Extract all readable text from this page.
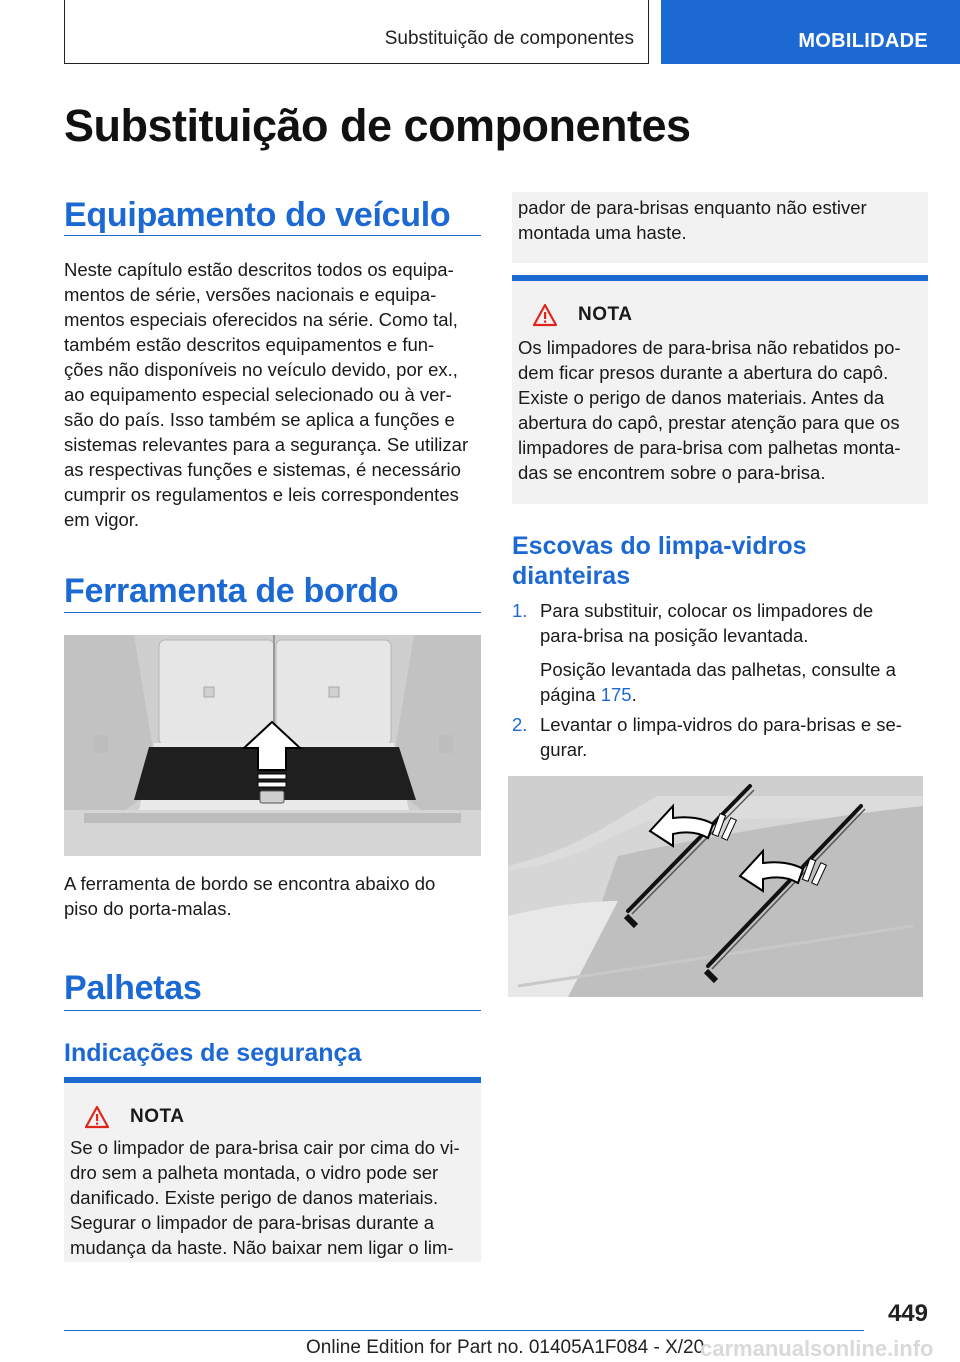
Substituição de componentes	MOBILIDADE
Substituição de componentes
Equipamento do veículo
Neste capítulo estão descritos todos os equipa‐
mentos de série, versões nacionais e equipa‐
mentos especiais oferecidos na série. Como tal,
também estão descritos equipamentos e fun‐
ções não disponíveis no veículo devido, por ex.,
ao equipamento especial selecionado ou à ver‐
são do país. Isso também se aplica a funções e
sistemas relevantes para a segurança. Se utilizar
as respectivas funções e sistemas, é necessário
cumprir os regulamentos e leis correspondentes
em vigor.
Ferramenta de bordo
A ferramenta de bordo se encontra abaixo do
piso do porta-malas.
Palhetas
Indicações de segurança
NOTA
Se o limpador de para-brisa cair por cima do vi‐
dro sem a palheta montada, o vidro pode ser
danificado. Existe perigo de danos materiais.
Segurar o limpador de para-brisas durante a
mudança da haste. Não baixar nem ligar o lim‐
pador de para-brisas enquanto não estiver
montada uma haste.
NOTA
Os limpadores de para-brisa não rebatidos po‐
dem ficar presos durante a abertura do capô.
Existe o perigo de danos materiais. Antes da
abertura do capô, prestar atenção para que os
limpadores de para-brisa com palhetas monta‐
das se encontrem sobre o para-brisa.
Escovas do limpa-vidros
dianteiras
1. Para substituir, colocar os limpadores de
para-brisa na posição levantada.
Posição levantada das palhetas, consulte a
página 175.
2. Levantar o limpa-vidros do para-brisas e se‐
gurar.
449
Online Edition for Part no. 01405A1F084 - X/20
carmanualsonline.info
